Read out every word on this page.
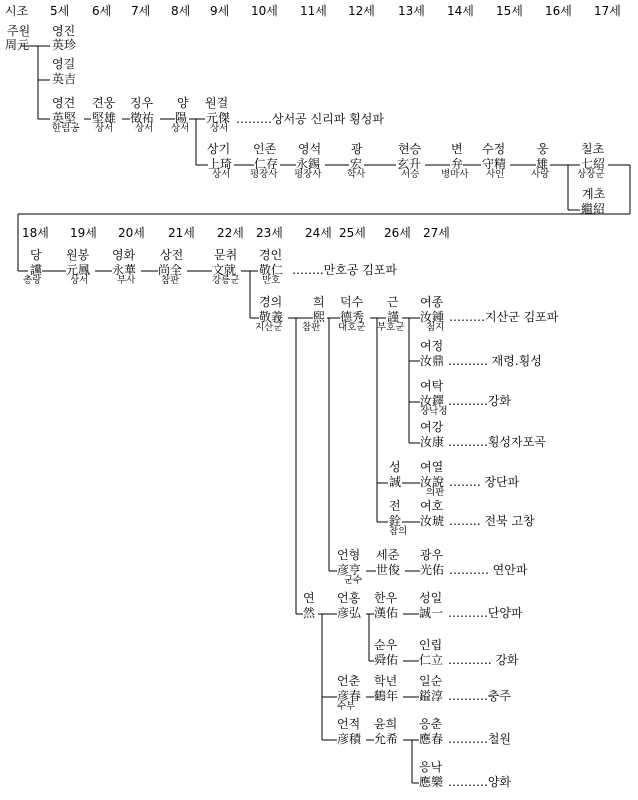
시조 5세 6세 7세 8세 9세 10세 11세 12세 13세 14세 15세 16세 17세
18세 19세 20세 21세 22세 23세 24세 25세 26세 27세
주원
周元
영진
英珍
영길
英吉
영견
英堅
한림공
견웅
堅雄
상서
징우
徵祐
상서
양
陽
상서
원걸
元傑
상서
………상서공 신리파 횡성파
상기
上琦
상서
인존
仁存
평장사
영석
永錫
평장사
광
宏
학사
현승
玄升
서승
변
弁
병마사
수정
守精
사인
웅
雄
사랑
칠초
七紹
상장군
계초
繼紹
당
讜
총랑
원봉
元鳳
상서
영화
永華
부사
상전
尚全
참판
문취
文就
강릉군
경인
敬仁
만호
……..만호공 김포파
경의
敬義
지산군
희
熙
참판
덕수
德秀
대호군
근
謹
부호군
여종
汝鍾
첨지
………지산군 김포파
여정
汝鼎 ………. 재령.횡성
여탁
汝鐸
장낙정
……….강화
여강
汝康 ……….횡성자포곡
성
誠
여열
汝說
의판
…….. 장단파
전
銓
참의
여호
汝琥 …….. 전북 고창
언형
彦亨
군수
세준
世俊
광우
光佑 ………. 연안파
연
然
언홍
彦弘
한우
漢佑
성일
誠一 ……….단양파
순우
舜佑
인립
仁立 …….…. 강화
언춘
彦春
수부
학년
鶴年
일순
鎰淳 ……….충주
언적
彦積
윤희
允希
응춘
應春 ……….철원
응낙
應樂 ……….양화
